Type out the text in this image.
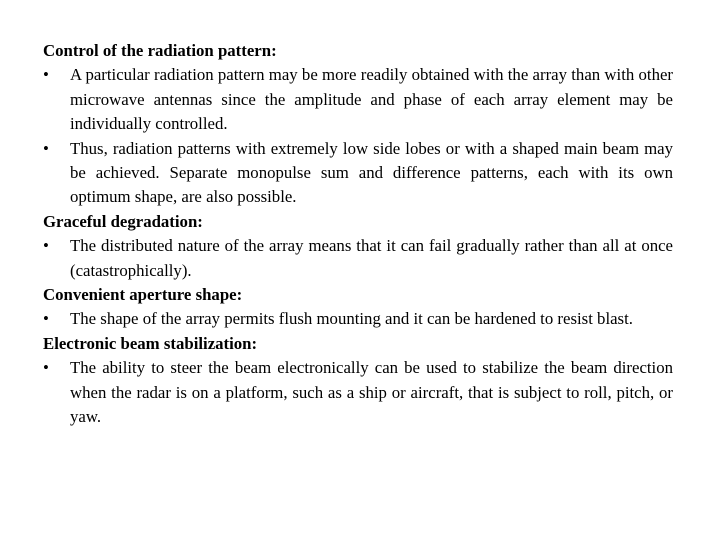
Control of the radiation pattern:

• A particular radiation pattern may be more readily obtained with the array than with other microwave antennas since the amplitude and phase of each array element may be individually controlled.

• Thus, radiation patterns with extremely low side lobes or with a shaped main beam may be achieved. Separate monopulse sum and difference patterns, each with its own optimum shape, are also possible.

Graceful degradation:

• The distributed nature of the array means that it can fail gradually rather than all at once (catastrophically).

Convenient aperture shape:

• The shape of the array permits flush mounting and it can be hardened to resist blast.

Electronic beam stabilization:

• The ability to steer the beam electronically can be used to stabilize the beam direction when the radar is on a platform, such as a ship or aircraft, that is subject to roll, pitch, or yaw.
